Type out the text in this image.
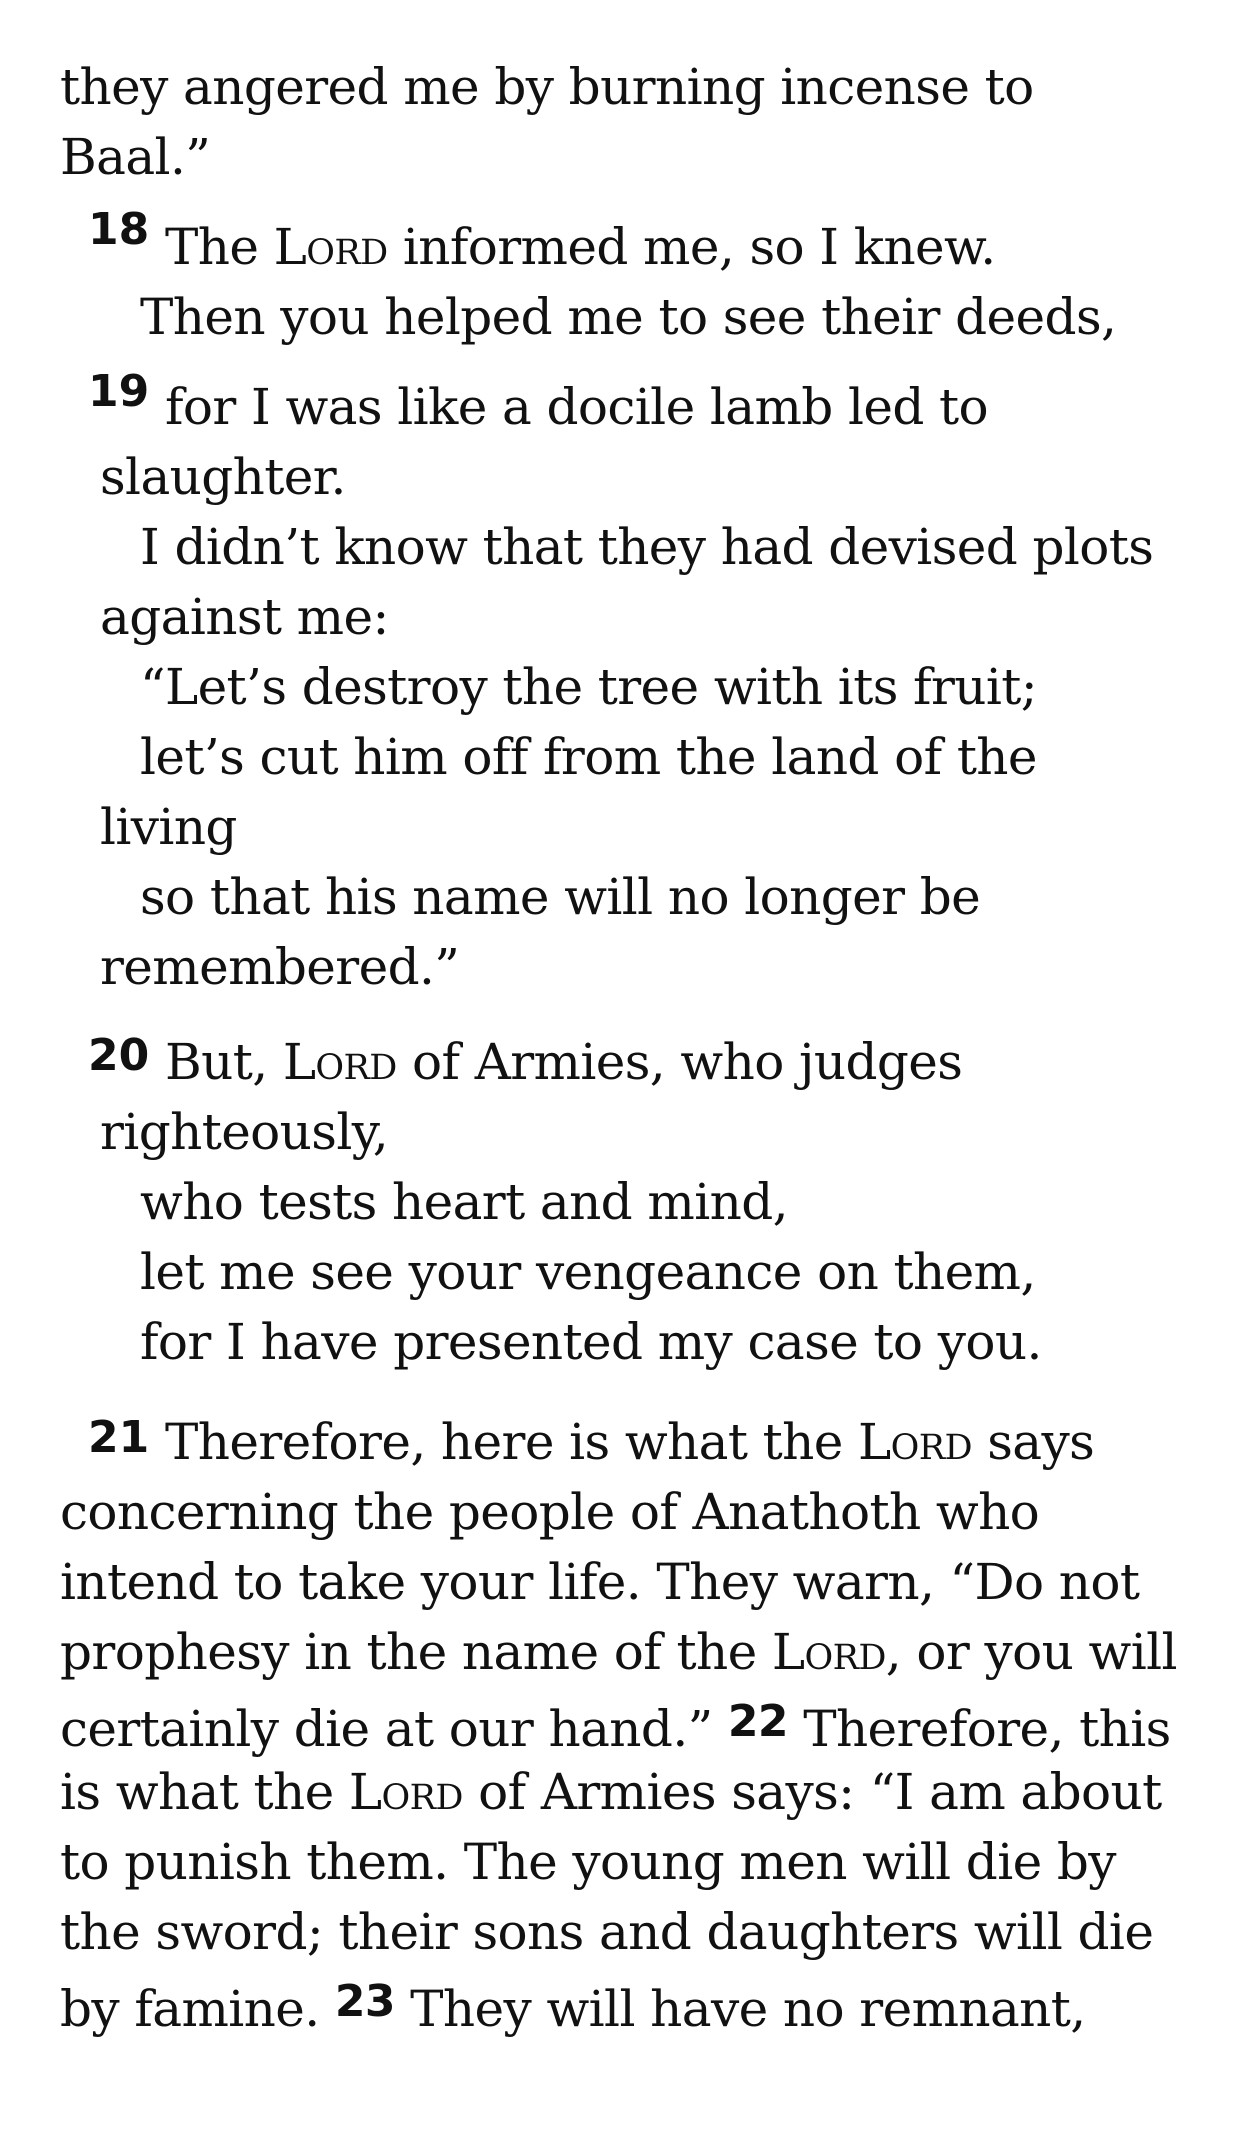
they angered me by burning incense to

Baal.”

The Lord informed me, so I knew.

Then you helped me to see their deeds,

for I was like a docile lamb led to

slaughter.

I didn’t know that they had devised plots

against me:

“Let’s destroy the tree with its fruit;

let’s cut him off from the land of the

living

so that his name will no longer be

remembered.”

But, Lord of Armies, who judges

righteously,

who tests heart and mind,

let me see your vengeance on them,

for I have presented my case to you.

Therefore, here is what the Lord says

concerning the people of Anathoth who

intend to take your life. They warn, “Do not

prophesy in the name of the Lord, or you will

certainly die at our hand.” 22 Therefore, this

is what the Lord of Armies says: “I am about

to punish them. The young men will die by

the sword; their sons and daughters will die

by famine. 23 They will have no remnant,

18
19
20
21
